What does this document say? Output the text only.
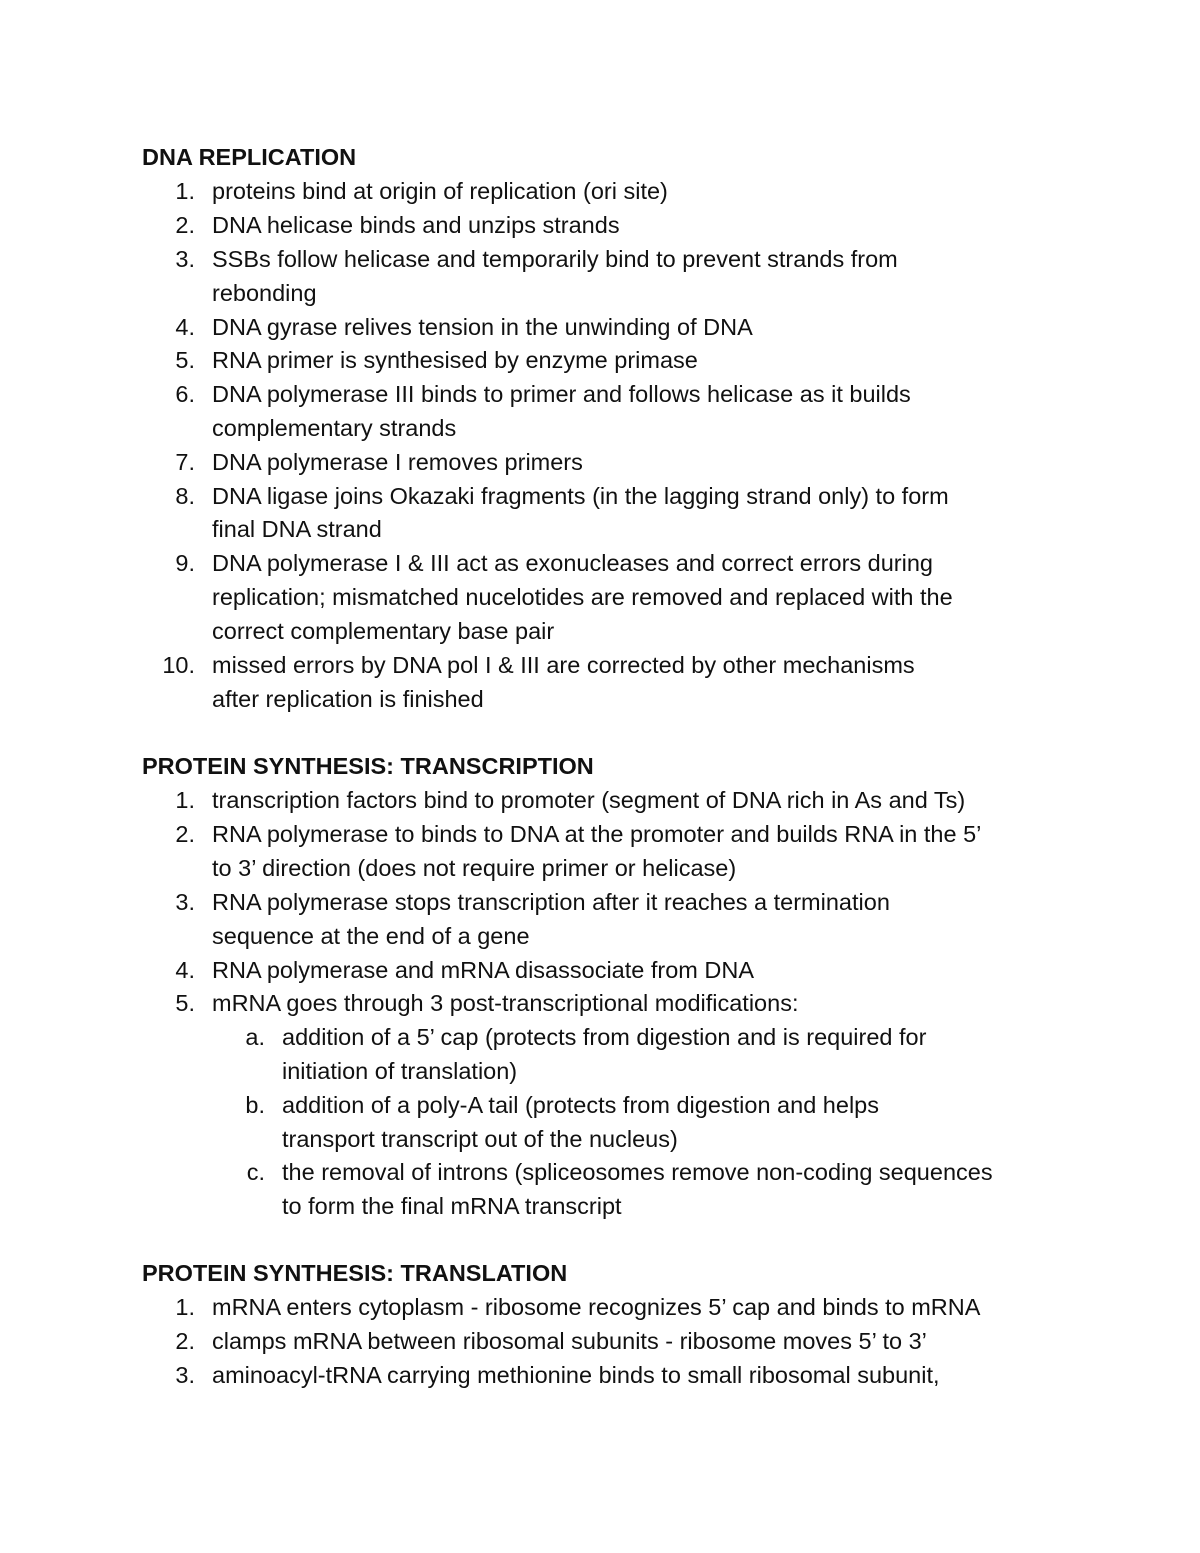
DNA REPLICATION
1. proteins bind at origin of replication (ori site)
2. DNA helicase binds and unzips strands
3. SSBs follow helicase and temporarily bind to prevent strands from
rebonding
4. DNA gyrase relives tension in the unwinding of DNA
5. RNA primer is synthesised by enzyme primase
6. DNA polymerase III binds to primer and follows helicase as it builds
complementary strands
7. DNA polymerase I removes primers
8. DNA ligase joins Okazaki fragments (in the lagging strand only) to form
final DNA strand
9. DNA polymerase I & III act as exonucleases and correct errors during
replication; mismatched nucelotides are removed and replaced with the
correct complementary base pair
10. missed errors by DNA pol I & III are corrected by other mechanisms
after replication is finished
PROTEIN SYNTHESIS: TRANSCRIPTION
1. transcription factors bind to promoter (segment of DNA rich in As and Ts)
2. RNA polymerase to binds to DNA at the promoter and builds RNA in the 5’
to 3’ direction (does not require primer or helicase)
3. RNA polymerase stops transcription after it reaches a termination
sequence at the end of a gene
4. RNA polymerase and mRNA disassociate from DNA
5. mRNA goes through 3 post-transcriptional modifications:
a. addition of a 5’ cap (protects from digestion and is required for
initiation of translation)
b. addition of a poly-A tail (protects from digestion and helps
transport transcript out of the nucleus)
c. the removal of introns (spliceosomes remove non-coding sequences
to form the final mRNA transcript
PROTEIN SYNTHESIS: TRANSLATION
1. mRNA enters cytoplasm - ribosome recognizes 5’ cap and binds to mRNA
2. clamps mRNA between ribosomal subunits - ribosome moves 5’ to 3’
3. aminoacyl-tRNA carrying methionine binds to small ribosomal subunit,
